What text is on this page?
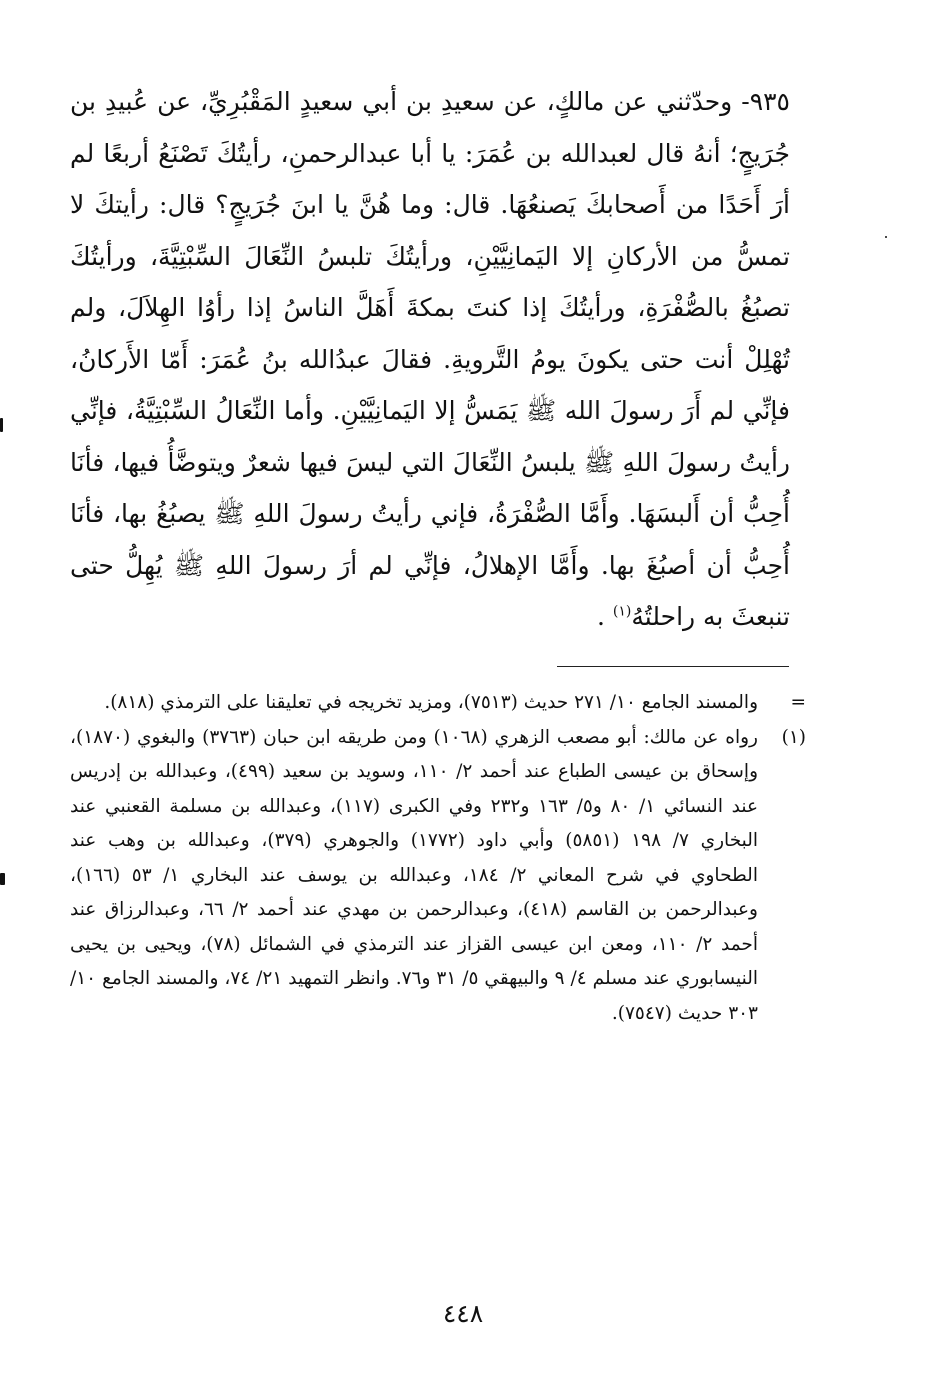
٩٣٥- وحدّثني عن مالكٍ، عن سعيدِ بن أبي سعيدٍ المَقْبُرِيِّ، عن عُبيدِ بن جُرَيجٍ؛ أنهُ قال لعبدالله بن عُمَرَ: يا أبا عبدالرحمنِ، رأيتُكَ تَصْنَعُ أربعًا لم أرَ أَحَدًا من أَصحابكَ يَصنعُهَا. قال: وما هُنَّ يا ابنَ جُرَيجٍ؟ قال: رأيتكَ لا تمسُّ من الأركانِ إلا اليَمانِيَّيْنِ، ورأيتُكَ تلبسُ النِّعَالَ السِّبْتِيَّةَ، ورأيتُكَ تصبُغُ بالصُّفْرَةِ، ورأيتُكَ إذا كنتَ بمكةَ أَهَلَّ الناسُ إذا رأوُا الهِلاَلَ، ولم تُهْلِلْ أنت حتى يكونَ يومُ التَّرويةِ. فقالَ عبدُالله بنُ عُمَرَ: أَمّا الأَركانُ، فإنِّي لم أَرَ رسولَ الله ﷺ يَمَسُّ إلا اليَمانِيَّيْنِ. وأما النِّعَالُ السِّبْتِيَّةُ، فإنِّي رأيتُ رسولَ اللهِ ﷺ يلبسُ النِّعَالَ التي ليسَ فيها شعرٌ ويتوضَّأُ فيها، فأنَا أُحِبُّ أن أَلبسَهَا. وأَمَّا الصُّفْرَةُ، فإني رأيتُ رسولَ اللهِ ﷺ يصبُغُ بها، فأنَا أُحِبُّ أن أصبُغَ بها. وأَمَّا الإهلالُ، فإنِّي لم أرَ رسولَ اللهِ ﷺ يُهِلُّ حتى تنبعثَ به راحلتُهُ$^{(١)}$ .

=

والمسند الجامع ١٠/ ٢٧١ حديث (٧٥١٣)، ومزيد تخريجه في تعليقنا على الترمذي (٨١٨).

(١)

رواه عن مالك: أبو مصعب الزهري (١٠٦٨) ومن طريقه ابن حبان (٣٧٦٣) والبغوي (١٨٧٠)، وإسحاق بن عيسى الطباع عند أحمد ٢/ ١١٠، وسويد بن سعيد (٤٩٩)، وعبدالله بن إدريس عند النسائي ١/ ٨٠ و٥/ ١٦٣ و٢٣٢ وفي الكبرى (١١٧)، وعبدالله بن مسلمة القعنبي عند البخاري ٧/ ١٩٨ (٥٨٥١) وأبي داود (١٧٧٢) والجوهري (٣٧٩)، وعبدالله بن وهب عند الطحاوي في شرح المعاني ٢/ ١٨٤، وعبدالله بن يوسف عند البخاري ١/ ٥٣ (١٦٦)، وعبدالرحمن بن القاسم (٤١٨)، وعبدالرحمن بن مهدي عند أحمد ٢/ ٦٦، وعبدالرزاق عند أحمد ٢/ ١١٠، ومعن ابن عيسى القزاز عند الترمذي في الشمائل (٧٨)، ويحيى بن يحيى النيسابوري عند مسلم ٤/ ٩ والبيهقي ٥/ ٣١ و٧٦. وانظر التمهيد ٢١/ ٧٤، والمسند الجامع ١٠/ ٣٠٣ حديث (٧٥٤٧).

٤٤٨
